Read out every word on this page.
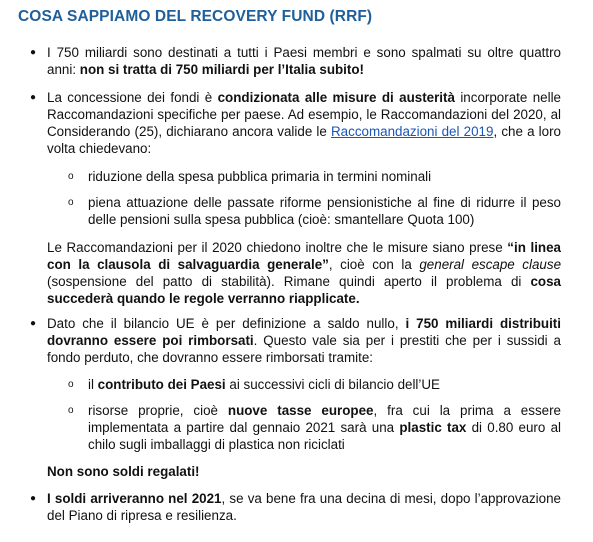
COSA SAPPIAMO DEL RECOVERY FUND (RRF)
● I 750 miliardi sono destinati a tutti i Paesi membri e sono spalmati su oltre quattro anni: non si tratta di 750 miliardi per l’Italia subito!
● La concessione dei fondi è condizionata alle misure di austerità incorporate nelle Raccomandazioni specifiche per paese. Ad esempio, le Raccomandazioni del 2020, al Considerando (25), dichiarano ancora valide le Raccomandazioni del 2019, che a loro volta chiedevano:
o riduzione della spesa pubblica primaria in termini nominali
o piena attuazione delle passate riforme pensionistiche al fine di ridurre il peso delle pensioni sulla spesa pubblica (cioè: smantellare Quota 100)
Le Raccomandazioni per il 2020 chiedono inoltre che le misure siano prese “in linea con la clausola di salvaguardia generale”, cioè con la general escape clause (sospensione del patto di stabilità). Rimane quindi aperto il problema di cosa succederà quando le regole verranno riapplicate.
● Dato che il bilancio UE è per definizione a saldo nullo, i 750 miliardi distribuiti dovranno essere poi rimborsati. Questo vale sia per i prestiti che per i sussidi a fondo perduto, che dovranno essere rimborsati tramite:
o il contributo dei Paesi ai successivi cicli di bilancio dell’UE
o risorse proprie, cioè nuove tasse europee, fra cui la prima a essere implementata a partire dal gennaio 2021 sarà una plastic tax di 0.80 euro al chilo sugli imballaggi di plastica non riciclati
Non sono soldi regalati!
● I soldi arriveranno nel 2021, se va bene fra una decina di mesi, dopo l’approvazione del Piano di ripresa e resilienza.
